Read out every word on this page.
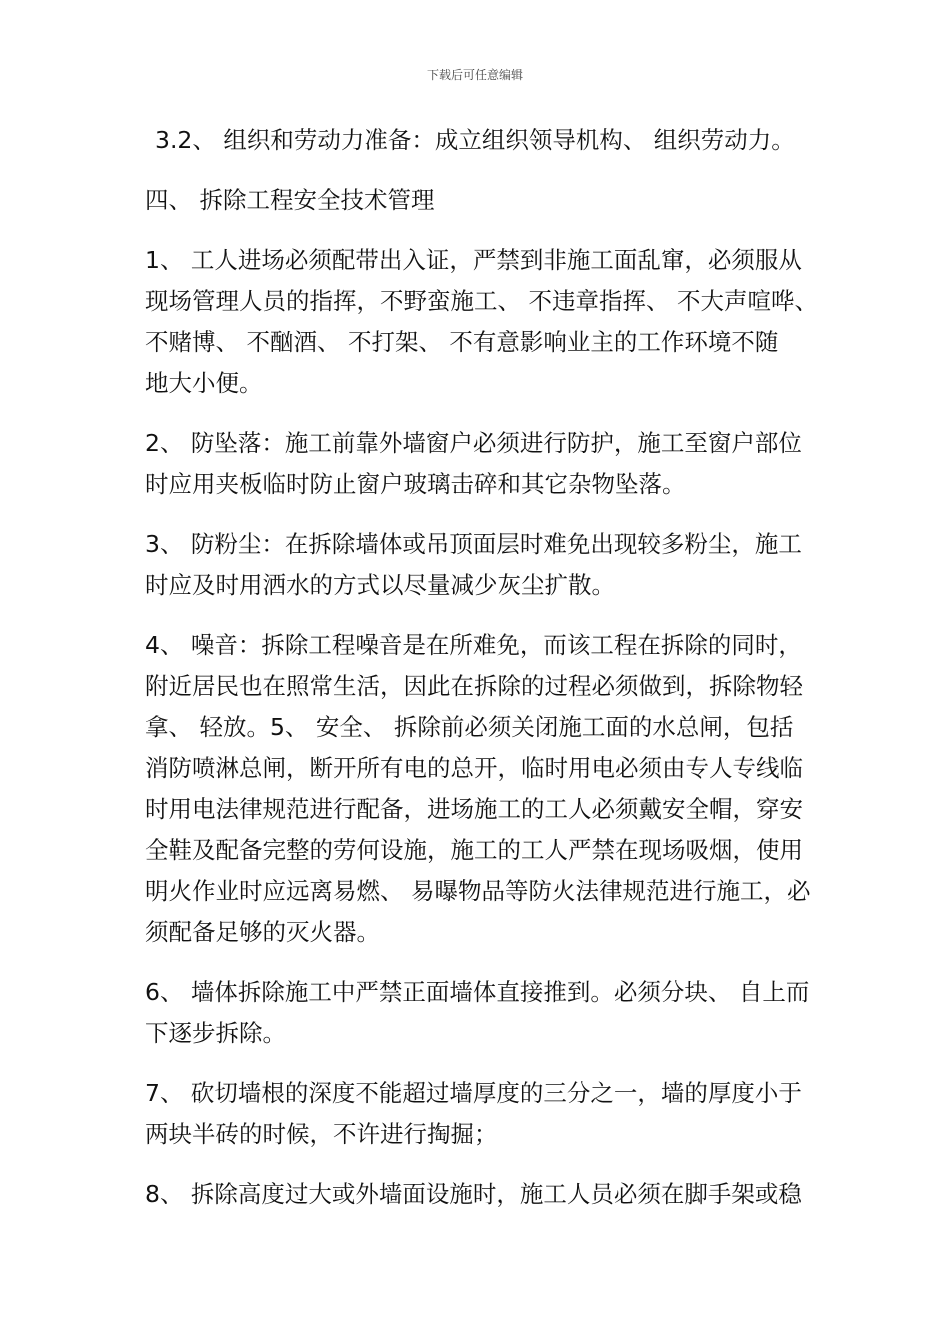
下载后可任意编辑

3.2、 组织和劳动力准备：成立组织领导机构、 组织劳动力。

四、 拆除工程安全技术管理

1、 工人进场必须配带出入证，严禁到非施工面乱窜，必须服从
现场管理人员的指挥，不野蛮施工、 不违章指挥、 不大声喧哗、
不赌博、 不酗酒、 不打架、 不有意影响业主的工作环境不随
地大小便。

2、 防坠落：施工前靠外墙窗户必须进行防护，施工至窗户部位
时应用夹板临时防止窗户玻璃击碎和其它杂物坠落。

3、 防粉尘：在拆除墙体或吊顶面层时难免出现较多粉尘，施工
时应及时用洒水的方式以尽量减少灰尘扩散。

4、 噪音：拆除工程噪音是在所难免，而该工程在拆除的同时，
附近居民也在照常生活，因此在拆除的过程必须做到，拆除物轻
拿、 轻放。5、 安全、 拆除前必须关闭施工面的水总闸，包括
消防喷淋总闸，断开所有电的总开，临时用电必须由专人专线临
时用电法律规范进行配备，进场施工的工人必须戴安全帽，穿安
全鞋及配备完整的劳何设施，施工的工人严禁在现场吸烟，使用
明火作业时应远离易燃、 易曝物品等防火法律规范进行施工，必
须配备足够的灭火器。

6、 墙体拆除施工中严禁正面墙体直接推到。必须分块、 自上而
下逐步拆除。

7、 砍切墙根的深度不能超过墙厚度的三分之一，墙的厚度小于
两块半砖的时候，不许进行掏掘；

8、 拆除高度过大或外墙面设施时，施工人员必须在脚手架或稳
